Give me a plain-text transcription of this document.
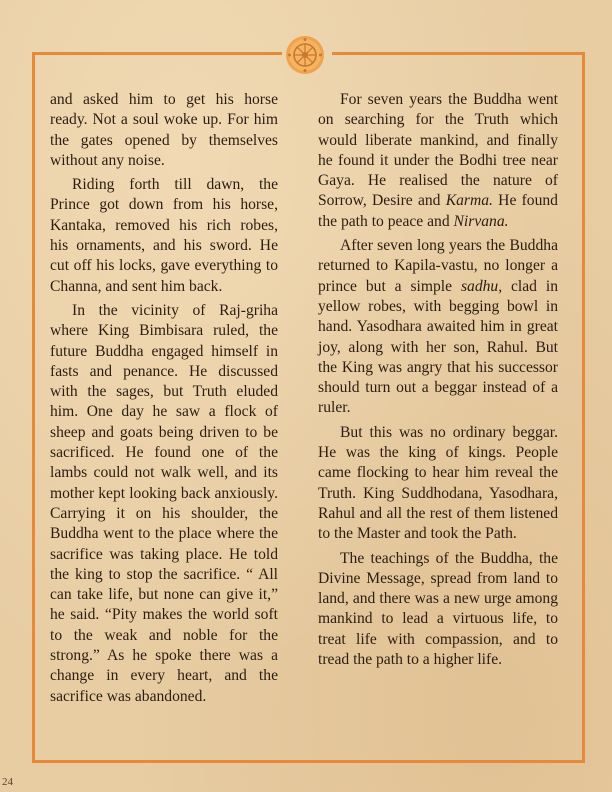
and asked him to get his horse ready. Not a soul woke up. For him the gates opened by themselves without any noise.

Riding forth till dawn, the Prince got down from his horse, Kantaka, removed his rich robes, his ornaments, and his sword. He cut off his locks, gave everything to Channa, and sent him back.

In the vicinity of Raj-griha where King Bimbisara ruled, the future Buddha engaged himself in fasts and penance. He discussed with the sages, but Truth eluded him. One day he saw a flock of sheep and goats being driven to be sacrificed. He found one of the lambs could not walk well, and its mother kept looking back anxiously. Carrying it on his shoulder, the Buddha went to the place where the sacrifice was taking place. He told the king to stop the sacrifice. “ All can take life, but none can give it,” he said. “Pity makes the world soft to the weak and noble for the strong.” As he spoke there was a change in every heart, and the sacrifice was abandoned.

For seven years the Buddha went on searching for the Truth which would liberate mankind, and finally he found it under the Bodhi tree near Gaya. He realised the nature of Sorrow, Desire and Karma. He found the path to peace and Nirvana.

After seven long years the Buddha returned to Kapila-vastu, no longer a prince but a simple sadhu, clad in yellow robes, with begging bowl in hand. Yasodhara awaited him in great joy, along with her son, Rahul. But the King was angry that his successor should turn out a beggar instead of a ruler.

But this was no ordinary beggar. He was the king of kings. People came flocking to hear him reveal the Truth. King Suddhodana, Yasodhara, Rahul and all the rest of them listened to the Master and took the Path.

The teachings of the Buddha, the Divine Message, spread from land to land, and there was a new urge among mankind to lead a virtuous life, to treat life with compassion, and to tread the path to a higher life.

24
